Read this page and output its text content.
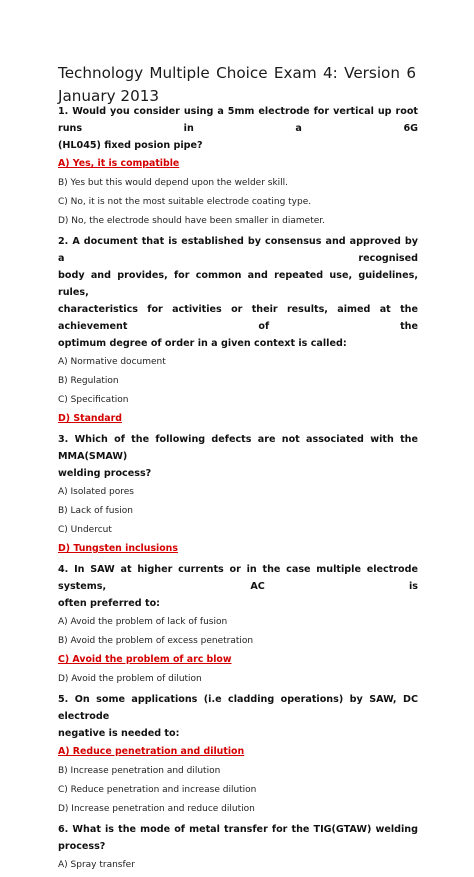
Technology Multiple Choice Exam 4: Version 6 January 2013
1. Would you consider using a 5mm electrode for vertical up root runs in a 6G
(HL045) fixed posion pipe?
A) Yes, it is compatible
B) Yes but this would depend upon the welder skill.
C) No, it is not the most suitable electrode coating type.
D) No, the electrode should have been smaller in diameter.
2. A document that is established by consensus and approved by a recognised
body and provides, for common and repeated use, guidelines, rules,
characteristics for activities or their results, aimed at the achievement of the
optimum degree of order in a given context is called:
A) Normative document
B) Regulation
C) Specification
D) Standard
3. Which of the following defects are not associated with the MMA(SMAW)
welding process?
A) Isolated pores
B) Lack of fusion
C) Undercut
D) Tungsten inclusions
4. In SAW at higher currents or in the case multiple electrode systems, AC is
often preferred to:
A) Avoid the problem of lack of fusion
B) Avoid the problem of excess penetration
C) Avoid the problem of arc blow
D) Avoid the problem of dilution
5. On some applications (i.e cladding operations) by SAW, DC electrode
negative is needed to:
A) Reduce penetration and dilution
B) Increase penetration and dilution
C) Reduce penetration and increase dilution
D) Increase penetration and reduce dilution
6. What is the mode of metal transfer for the TIG(GTAW) welding process?
A) Spray transfer
